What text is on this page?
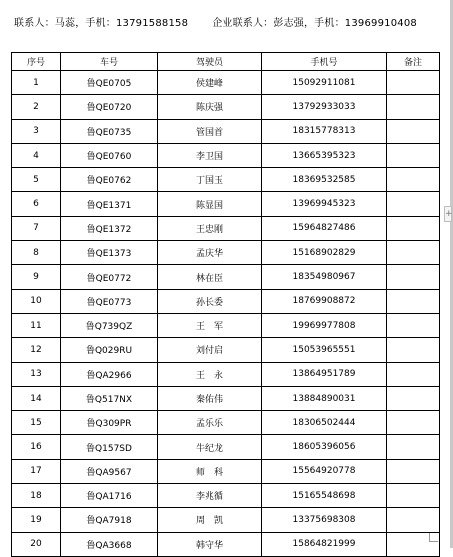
联系人：马蕊，手机：13791588158 企业联系人：彭志强，手机：13969910408
序号	车号	驾驶员	手机号	备注
1	鲁QE0705	侯建峰	15092911081	
2	鲁QE0720	陈庆强	13792933033	
3	鲁QE0735	管国首	18315778313	
4	鲁QE0760	李卫国	13665395323	
5	鲁QE0762	丁国玉	18369532585	
6	鲁QE1371	陈显国	13969945323	
7	鲁QE1372	王忠刚	15964827486	
8	鲁QE1373	孟庆华	15168902829	
9	鲁QE0772	林在臣	18354980967	
10	鲁QE0773	孙长委	18769908872	
11	鲁Q739QZ	王　军	19969977808	
12	鲁Q029RU	刘付启	15053965551	
13	鲁QA2966	王　永	13864951789	
14	鲁Q517NX	秦佑伟	13884890031	
15	鲁Q309PR	孟乐乐	18306502444	
16	鲁Q157SD	牛纪龙	18605396056	
17	鲁QA9567	师　科	15564920778	
18	鲁QA1716	李兆循	15165548698	
19	鲁QA7918	周　凯	13375698308	
20	鲁QA3668	韩守华	15864821999	
+
